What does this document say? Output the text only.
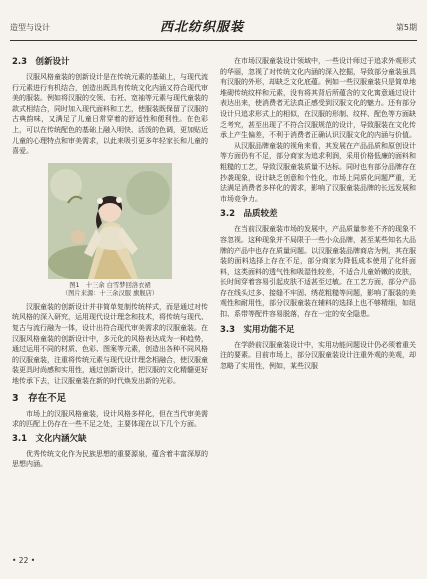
造型与设计	西北纺织服装	第5期
2.3　创新设计

汉服风格童装的创新设计是在传统元素的基础上，与现代流行元素进行有机结合，创造出既具有传统文化内涵又符合现代审美的服装。例如将汉服的交领、右衽、宽袖等元素与现代童装的款式相结合，同时加入现代面料和工艺，使服装既保留了汉服的古典韵味，又满足了儿童日常穿着的舒适性和便利性。在色彩上，可以在传统配色的基础上融入明快、活泼的色调，更加贴近儿童的心理特点和审美需求，以此来吸引更多年轻家长和儿童的喜爱。

图1　十三余 白雪梦回洛衣裙
（图片来源：十三余汉服 旗舰店）

汉服童装的创新设计并非简单复制传统样式，而是通过对传统风格的深入研究，运用现代设计理念和技术，将传统与现代、复古与流行融为一体，设计出符合现代审美需求的汉服童装。在汉服风格童装的创新设计中，多元化的风格表达成为一种趋势，通过运用不同的材质、色彩、图案等元素，创造出各种不同风格的汉服童装，注重将传统元素与现代设计理念相融合，使汉服童装更具时尚感和实用性，通过创新设计，把汉服的文化精髓更好地传承下去，让汉服童装在新的时代焕发出新的光彩。

3　存在不足

市场上的汉服风格童装，设计风格多样化，但在当代审美需求的匹配上仍存在一些不足之处，主要体现在以下几个方面。

3.1　文化内涵欠缺

优秀传统文化作为民族思想的重要源泉，蕴含着丰富深厚的思想内涵。

在市场汉服童装设计领域中，一些设计师过于追求外观形式的华丽，忽视了对传统文化内涵的深入挖掘，导致部分童装虽具有汉服的外形，却缺乏文化底蕴。例如一些汉服童装只是简单地堆砌传统纹样和元素，没有将其背后所蕴含的文化寓意通过设计表达出来，使消费者无法真正感受到汉服文化的魅力。还有部分设计只追求形式上的相似，在汉服的形制、纹样、配色等方面缺乏考究，甚至出现了不符合汉服规范的设计，导致服装在文化传承上产生偏差，不利于消费者正确认识汉服文化的内涵与价值。

从汉服品牌童装的视角来看，其发展在产品品质和原创设计等方面仍有不足，部分商家为追求利润，采用价格低廉的面料和粗糙的工艺，导致汉服童装质量不达标。同时也有部分品牌存在抄袭现象，设计缺乏创意和个性化，市场上同质化问题严重，无法满足消费者多样化的需求，影响了汉服童装品牌的长远发展和市场竞争力。

3.2　品质较差

在当前汉服童装市场的发展中，产品质量参差不齐的现象不容忽视。这种现象并不局限于一些小众品牌，甚至某些知名大品牌的产品中也存在质量问题。以汉服童装品牌商店为例，其在服装的面料选择上存在不足，部分商家为降低成本使用了化纤面料，这类面料的透气性和吸湿性较差，不适合儿童娇嫩的皮肤，长时间穿着容易引起皮肤不适甚至过敏。在工艺方面，部分产品存在线头过多、接缝不牢固、绣花粗糙等问题，影响了服装的美观性和耐用性，部分汉服童装在辅料的选择上也不够精细，如纽扣、系带等配件容易脱落，存在一定的安全隐患。

3.3　实用功能不足

在学龄前汉服童装设计中，实用功能问题设计仍必须着重关注的要素。目前市场上，部分汉服童装设计注重外观的美观，却忽略了实用性，例如，某些汉服

• 22 •
